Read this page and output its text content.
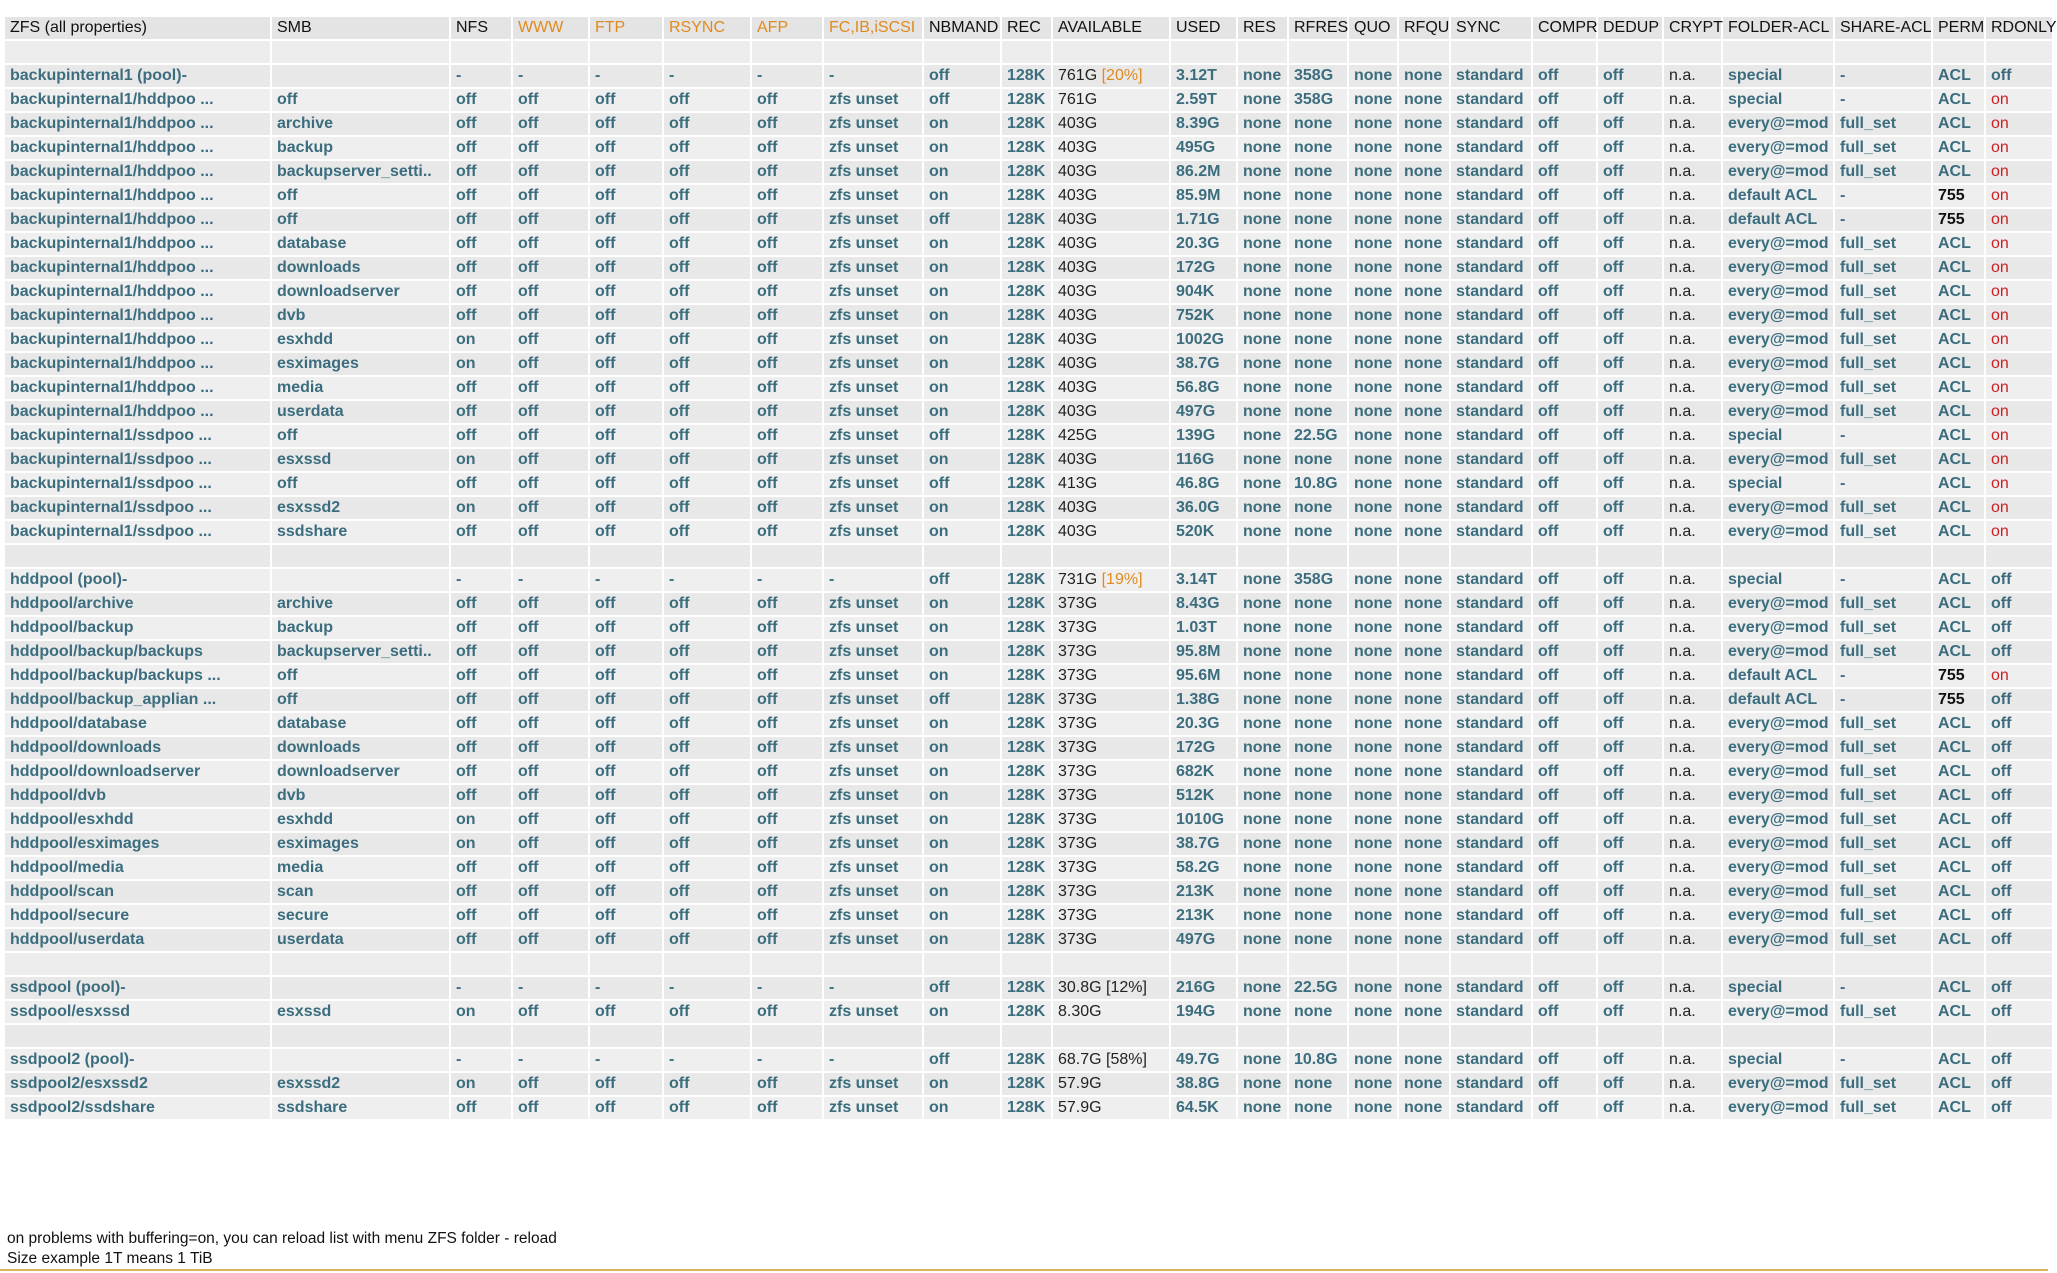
ZFS (all properties)	SMB	NFS	WWW	FTP	RSYNC	AFP	FC,IB,iSCSI	NBMAND	REC	AVAILABLE	USED	RES	RFRES	QUO	RFQU	SYNC	COMPR	DEDUP	CRYPT	FOLDER-ACL	SHARE-ACL	PERM	RDONLY

backupinternal1 (pool)-		-	-	-	-	-	-	off	128K	761G [20%]	3.12T	none	358G	none	none	standard	off	off	n.a.	special	-	ACL	off
backupinternal1/hddpoo ...	off	off	off	off	off	off	zfs unset	off	128K	761G	2.59T	none	358G	none	none	standard	off	off	n.a.	special	-	ACL	on
backupinternal1/hddpoo ...	archive	off	off	off	off	off	zfs unset	on	128K	403G	8.39G	none	none	none	none	standard	off	off	n.a.	every@=mod	full_set	ACL	on
backupinternal1/hddpoo ...	backup	off	off	off	off	off	zfs unset	on	128K	403G	495G	none	none	none	none	standard	off	off	n.a.	every@=mod	full_set	ACL	on
backupinternal1/hddpoo ...	backupserver_setti..	off	off	off	off	off	zfs unset	on	128K	403G	86.2M	none	none	none	none	standard	off	off	n.a.	every@=mod	full_set	ACL	on
backupinternal1/hddpoo ...	off	off	off	off	off	off	zfs unset	on	128K	403G	85.9M	none	none	none	none	standard	off	off	n.a.	default ACL	-	755	on
backupinternal1/hddpoo ...	off	off	off	off	off	off	zfs unset	off	128K	403G	1.71G	none	none	none	none	standard	off	off	n.a.	default ACL	-	755	on
backupinternal1/hddpoo ...	database	off	off	off	off	off	zfs unset	on	128K	403G	20.3G	none	none	none	none	standard	off	off	n.a.	every@=mod	full_set	ACL	on
backupinternal1/hddpoo ...	downloads	off	off	off	off	off	zfs unset	on	128K	403G	172G	none	none	none	none	standard	off	off	n.a.	every@=mod	full_set	ACL	on
backupinternal1/hddpoo ...	downloadserver	off	off	off	off	off	zfs unset	on	128K	403G	904K	none	none	none	none	standard	off	off	n.a.	every@=mod	full_set	ACL	on
backupinternal1/hddpoo ...	dvb	off	off	off	off	off	zfs unset	on	128K	403G	752K	none	none	none	none	standard	off	off	n.a.	every@=mod	full_set	ACL	on
backupinternal1/hddpoo ...	esxhdd	on	off	off	off	off	zfs unset	on	128K	403G	1002G	none	none	none	none	standard	off	off	n.a.	every@=mod	full_set	ACL	on
backupinternal1/hddpoo ...	esximages	on	off	off	off	off	zfs unset	on	128K	403G	38.7G	none	none	none	none	standard	off	off	n.a.	every@=mod	full_set	ACL	on
backupinternal1/hddpoo ...	media	off	off	off	off	off	zfs unset	on	128K	403G	56.8G	none	none	none	none	standard	off	off	n.a.	every@=mod	full_set	ACL	on
backupinternal1/hddpoo ...	userdata	off	off	off	off	off	zfs unset	on	128K	403G	497G	none	none	none	none	standard	off	off	n.a.	every@=mod	full_set	ACL	on
backupinternal1/ssdpoo ...	off	off	off	off	off	off	zfs unset	off	128K	425G	139G	none	22.5G	none	none	standard	off	off	n.a.	special	-	ACL	on
backupinternal1/ssdpoo ...	esxssd	on	off	off	off	off	zfs unset	on	128K	403G	116G	none	none	none	none	standard	off	off	n.a.	every@=mod	full_set	ACL	on
backupinternal1/ssdpoo ...	off	off	off	off	off	off	zfs unset	off	128K	413G	46.8G	none	10.8G	none	none	standard	off	off	n.a.	special	-	ACL	on
backupinternal1/ssdpoo ...	esxssd2	on	off	off	off	off	zfs unset	on	128K	403G	36.0G	none	none	none	none	standard	off	off	n.a.	every@=mod	full_set	ACL	on
backupinternal1/ssdpoo ...	ssdshare	off	off	off	off	off	zfs unset	on	128K	403G	520K	none	none	none	none	standard	off	off	n.a.	every@=mod	full_set	ACL	on

hddpool (pool)-		-	-	-	-	-	-	off	128K	731G [19%]	3.14T	none	358G	none	none	standard	off	off	n.a.	special	-	ACL	off
hddpool/archive	archive	off	off	off	off	off	zfs unset	on	128K	373G	8.43G	none	none	none	none	standard	off	off	n.a.	every@=mod	full_set	ACL	off
hddpool/backup	backup	off	off	off	off	off	zfs unset	on	128K	373G	1.03T	none	none	none	none	standard	off	off	n.a.	every@=mod	full_set	ACL	off
hddpool/backup/backups	backupserver_setti..	off	off	off	off	off	zfs unset	on	128K	373G	95.8M	none	none	none	none	standard	off	off	n.a.	every@=mod	full_set	ACL	off
hddpool/backup/backups ...	off	off	off	off	off	off	zfs unset	on	128K	373G	95.6M	none	none	none	none	standard	off	off	n.a.	default ACL	-	755	on
hddpool/backup_applian ...	off	off	off	off	off	off	zfs unset	off	128K	373G	1.38G	none	none	none	none	standard	off	off	n.a.	default ACL	-	755	off
hddpool/database	database	off	off	off	off	off	zfs unset	on	128K	373G	20.3G	none	none	none	none	standard	off	off	n.a.	every@=mod	full_set	ACL	off
hddpool/downloads	downloads	off	off	off	off	off	zfs unset	on	128K	373G	172G	none	none	none	none	standard	off	off	n.a.	every@=mod	full_set	ACL	off
hddpool/downloadserver	downloadserver	off	off	off	off	off	zfs unset	on	128K	373G	682K	none	none	none	none	standard	off	off	n.a.	every@=mod	full_set	ACL	off
hddpool/dvb	dvb	off	off	off	off	off	zfs unset	on	128K	373G	512K	none	none	none	none	standard	off	off	n.a.	every@=mod	full_set	ACL	off
hddpool/esxhdd	esxhdd	on	off	off	off	off	zfs unset	on	128K	373G	1010G	none	none	none	none	standard	off	off	n.a.	every@=mod	full_set	ACL	off
hddpool/esximages	esximages	on	off	off	off	off	zfs unset	on	128K	373G	38.7G	none	none	none	none	standard	off	off	n.a.	every@=mod	full_set	ACL	off
hddpool/media	media	off	off	off	off	off	zfs unset	on	128K	373G	58.2G	none	none	none	none	standard	off	off	n.a.	every@=mod	full_set	ACL	off
hddpool/scan	scan	off	off	off	off	off	zfs unset	on	128K	373G	213K	none	none	none	none	standard	off	off	n.a.	every@=mod	full_set	ACL	off
hddpool/secure	secure	off	off	off	off	off	zfs unset	on	128K	373G	213K	none	none	none	none	standard	off	off	n.a.	every@=mod	full_set	ACL	off
hddpool/userdata	userdata	off	off	off	off	off	zfs unset	on	128K	373G	497G	none	none	none	none	standard	off	off	n.a.	every@=mod	full_set	ACL	off

ssdpool (pool)-		-	-	-	-	-	-	off	128K	30.8G [12%]	216G	none	22.5G	none	none	standard	off	off	n.a.	special	-	ACL	off
ssdpool/esxssd	esxssd	on	off	off	off	off	zfs unset	on	128K	8.30G	194G	none	none	none	none	standard	off	off	n.a.	every@=mod	full_set	ACL	off

ssdpool2 (pool)-		-	-	-	-	-	-	off	128K	68.7G [58%]	49.7G	none	10.8G	none	none	standard	off	off	n.a.	special	-	ACL	off
ssdpool2/esxssd2	esxssd2	on	off	off	off	off	zfs unset	on	128K	57.9G	38.8G	none	none	none	none	standard	off	off	n.a.	every@=mod	full_set	ACL	off
ssdpool2/ssdshare	ssdshare	off	off	off	off	off	zfs unset	on	128K	57.9G	64.5K	none	none	none	none	standard	off	off	n.a.	every@=mod	full_set	ACL	off
on problems with buffering=on, you can reload list with menu ZFS folder - reload
Size example 1T means 1 TiB
